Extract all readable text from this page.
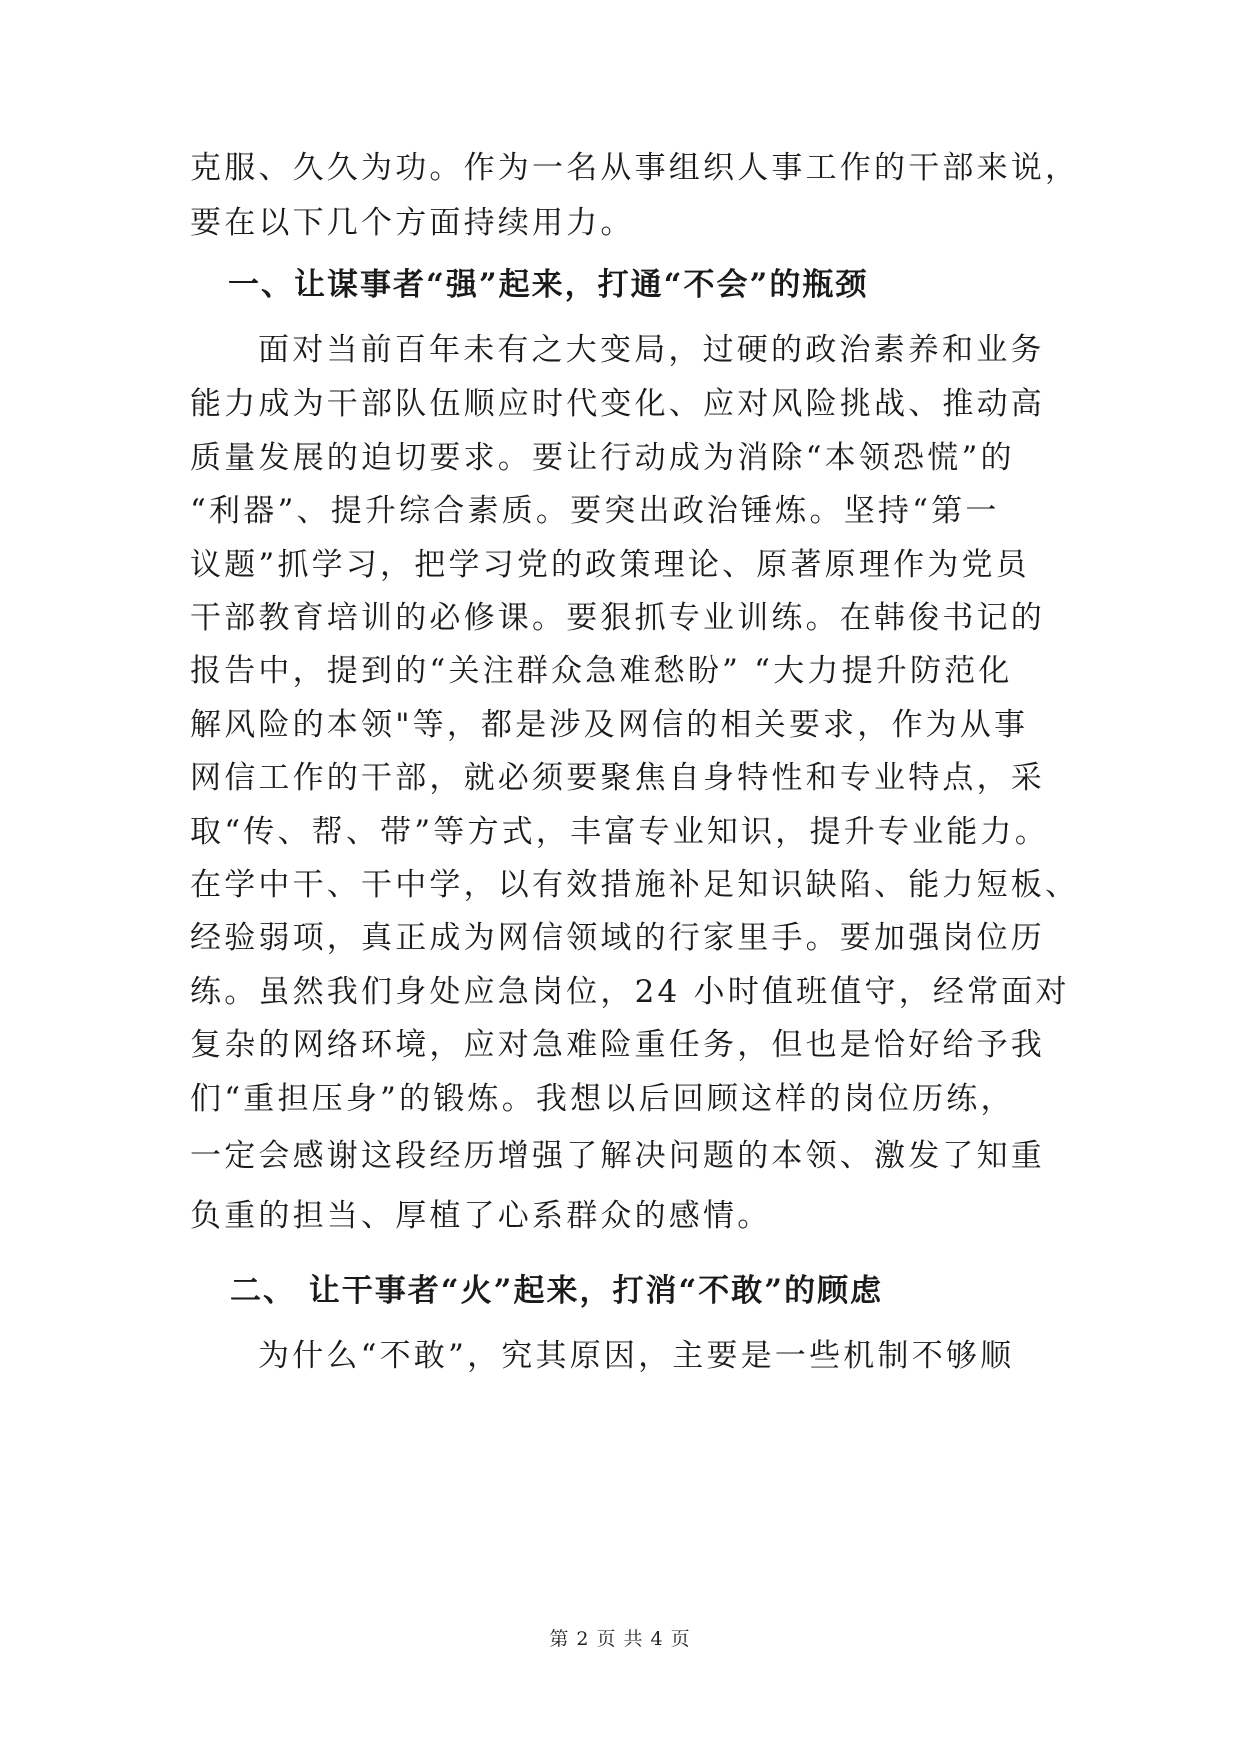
克服、久久为功。作为一名从事组织人事工作的干部来说，
要在以下几个方面持续用力。
一、让谋事者“强”起来，打通“不会”的瓶颈
面对当前百年未有之大变局，过硬的政治素养和业务
能力成为干部队伍顺应时代变化、应对风险挑战、推动高
质量发展的迫切要求。要让行动成为消除“本领恐慌”的
“利器”、提升综合素质。要突出政治锤炼。坚持“第一
议题”抓学习，把学习党的政策理论、原著原理作为党员
干部教育培训的必修课。要狠抓专业训练。在韩俊书记的
报告中，提到的“关注群众急难愁盼” “大力提升防范化
解风险的本领"等，都是涉及网信的相关要求，作为从事
网信工作的干部，就必须要聚焦自身特性和专业特点，采
取“传、帮、带”等方式，丰富专业知识，提升专业能力。
在学中干、干中学，以有效措施补足知识缺陷、能力短板、
经验弱项，真正成为网信领域的行家里手。要加强岗位历
练。虽然我们身处应急岗位，24 小时值班值守，经常面对
复杂的网络环境，应对急难险重任务，但也是恰好给予我
们“重担压身”的锻炼。我想以后回顾这样的岗位历练，
一定会感谢这段经历增强了解决问题的本领、激发了知重
负重的担当、厚植了心系群众的感情。
二、 让干事者“火”起来，打消“不敢”的顾虑
为什么“不敢”，究其原因，主要是一些机制不够顺
第 2 页 共 4 页
